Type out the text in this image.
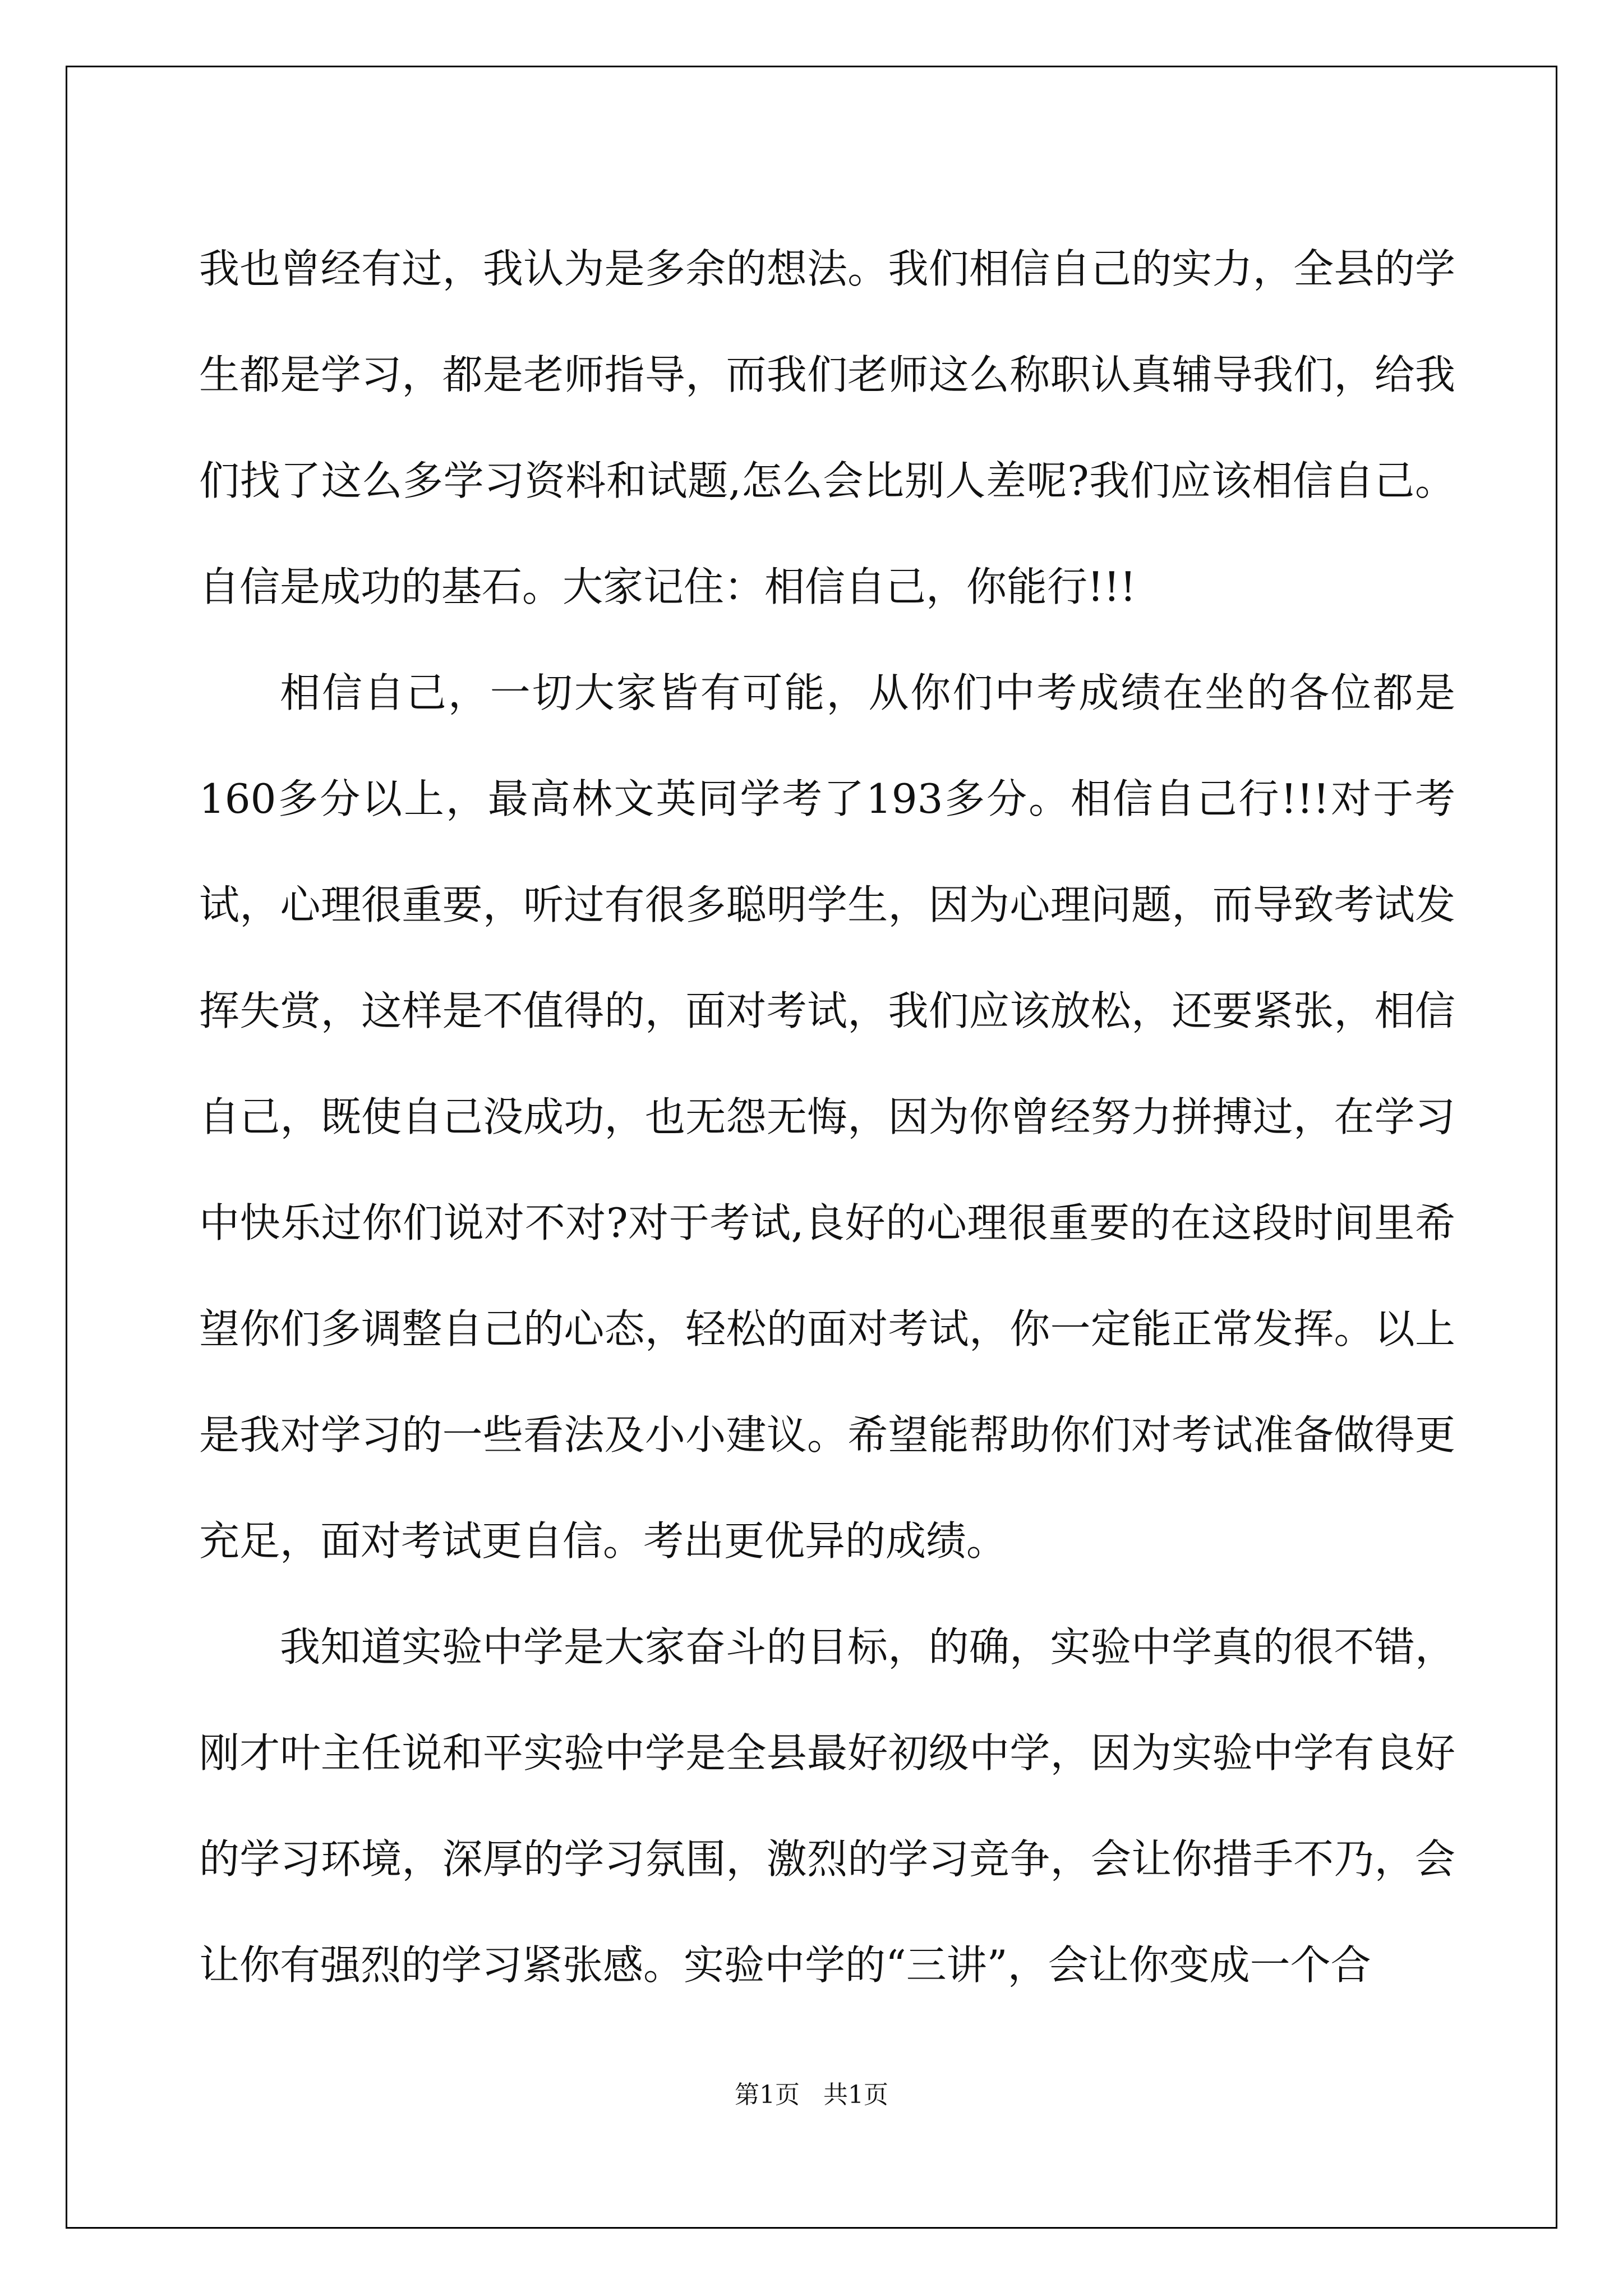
我也曾经有过，我认为是多余的想法。我们相信自己的实力，全县的学生都是学习，都是老师指导，而我们老师这么称职认真辅导我们，给我们找了这么多学习资料和试题,怎么会比别人差呢?我们应该相信自己。自信是成功的基石。大家记住：相信自己，你能行!!!

相信自己，一切大家皆有可能，从你们中考成绩在坐的各位都是160多分以上，最高林文英同学考了193多分。相信自己行!!!对于考试，心理很重要，听过有很多聪明学生，因为心理问题，而导致考试发挥失赏，这样是不值得的，面对考试，我们应该放松，还要紧张，相信自己，既使自己没成功，也无怨无悔，因为你曾经努力拼搏过，在学习中快乐过你们说对不对?对于考试,良好的心理很重要的在这段时间里希望你们多调整自己的心态，轻松的面对考试，你一定能正常发挥。以上是我对学习的一些看法及小小建议。希望能帮助你们对考试准备做得更充足，面对考试更自信。考出更优异的成绩。

我知道实验中学是大家奋斗的目标，的确，实验中学真的很不错，刚才叶主任说和平实验中学是全县最好初级中学，因为实验中学有良好的学习环境，深厚的学习氛围，激烈的学习竞争，会让你措手不乃，会让你有强烈的学习紧张感。实验中学的“三讲”，会让你变成一个合

第1页   共1页
